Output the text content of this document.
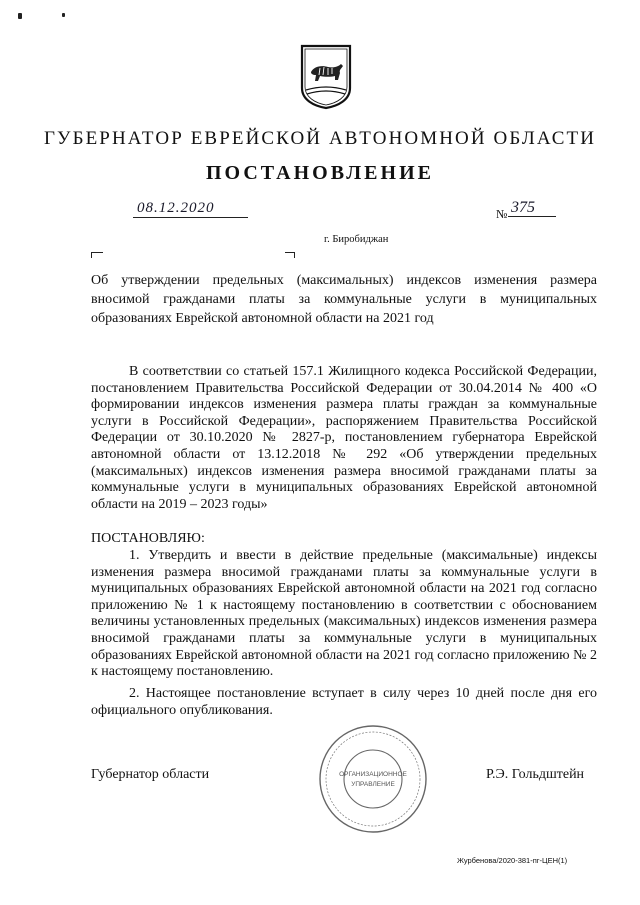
ГУБЕРНАТОР ЕВРЕЙСКОЙ АВТОНОМНОЙ ОБЛАСТИ
ПОСТАНОВЛЕНИЕ
08.12.2020	№ 375
г. Биробиджан
Об утверждении предельных (максимальных) индексов изменения размера вносимой гражданами платы за коммунальные услуги в муниципальных образованиях Еврейской автономной области на 2021 год

В соответствии со статьей 157.1 Жилищного кодекса Российской Федерации, постановлением Правительства Российской Федерации от 30.04.2014 № 400 «О формировании индексов изменения размера платы граждан за коммунальные услуги в Российской Федерации», распоряжением Правительства Российской Федерации от 30.10.2020 № 2827-р, постановлением губернатора Еврейской автономной области от 13.12.2018 № 292 «Об утверждении предельных (максимальных) индексов изменения размера вносимой гражданами платы за коммунальные услуги в муниципальных образованиях Еврейской автономной области на 2019 – 2023 годы»

ПОСТАНОВЛЯЮ:

1. Утвердить и ввести в действие предельные (максимальные) индексы изменения размера вносимой гражданами платы за коммунальные услуги в муниципальных образованиях Еврейской автономной области на 2021 год согласно приложению № 1 к настоящему постановлению в соответствии с обоснованием величины установленных предельных (максимальных) индексов изменения размера вносимой гражданами платы за коммунальные услуги в муниципальных образованиях Еврейской автономной области на 2021 год согласно приложению № 2 к настоящему постановлению.

2. Настоящее постановление вступает в силу через 10 дней после дня его официального опубликования.

Губернатор области	Р.Э. Гольдштейн
ОРГАНИЗАЦИОННОЕ
УПРАВЛЕНИЕ
Журбенова/2020-381-пг-ЦЕН(1)
